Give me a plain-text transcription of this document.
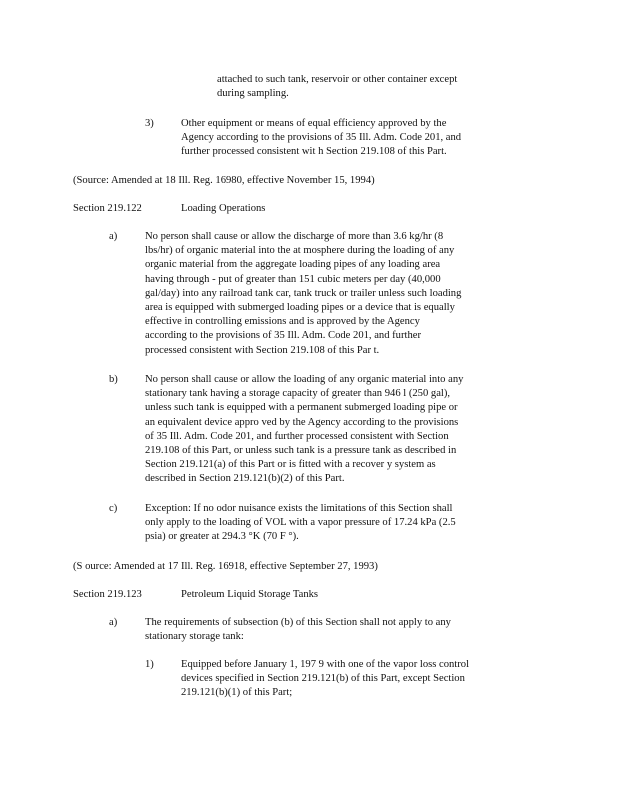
attached to such tank, reservoir or other container except
during sampling.
3)	Other equipment or means of equal efficiency approved by the
Agency according to the provisions of 35 Ill. Adm. Code 201, and
further processed consistent wit h Section 219.108 of this Part.
(Source: Amended at 18 Ill. Reg. 16980, effective November 15, 1994)
Section 219.122	Loading Operations
a)	No person shall cause or allow the discharge of more than 3.6 kg/hr (8
lbs/hr) of organic material into the at mosphere during the loading of any
organic material from the aggregate loading pipes of any loading area
having through - put of greater than 151 cubic meters per day (40,000
gal/day) into any railroad tank car, tank truck or trailer unless such loading
area is equipped with submerged loading pipes or a device that is equally
effective in controlling emissions and is approved by the Agency
according to the provisions of 35 Ill. Adm. Code 201, and further
processed consistent with Section 219.108 of this Par t.
b)	No person shall cause or allow the loading of any organic material into any
stationary tank having a storage capacity of greater than 946 l (250 gal),
unless such tank is equipped with a permanent submerged loading pipe or
an equivalent device appro ved by the Agency according to the provisions
of 35 Ill. Adm. Code 201, and further processed consistent with Section
219.108 of this Part, or unless such tank is a pressure tank as described in
Section 219.121(a) of this Part or is fitted with a recover y system as
described in Section 219.121(b)(2) of this Part.
c)	Exception: If no odor nuisance exists the limitations of this Section shall
only apply to the loading of VOL with a vapor pressure of 17.24 kPa (2.5
psia) or greater at 294.3 °K (70 F °).
(S ource: Amended at 17 Ill. Reg. 16918, effective September 27, 1993)
Section 219.123	Petroleum Liquid Storage Tanks
a)	The requirements of subsection (b) of this Section shall not apply to any
stationary storage tank:
1)	Equipped before January 1, 197 9 with one of the vapor loss control
devices specified in Section 219.121(b) of this Part, except Section
219.121(b)(1) of this Part;
